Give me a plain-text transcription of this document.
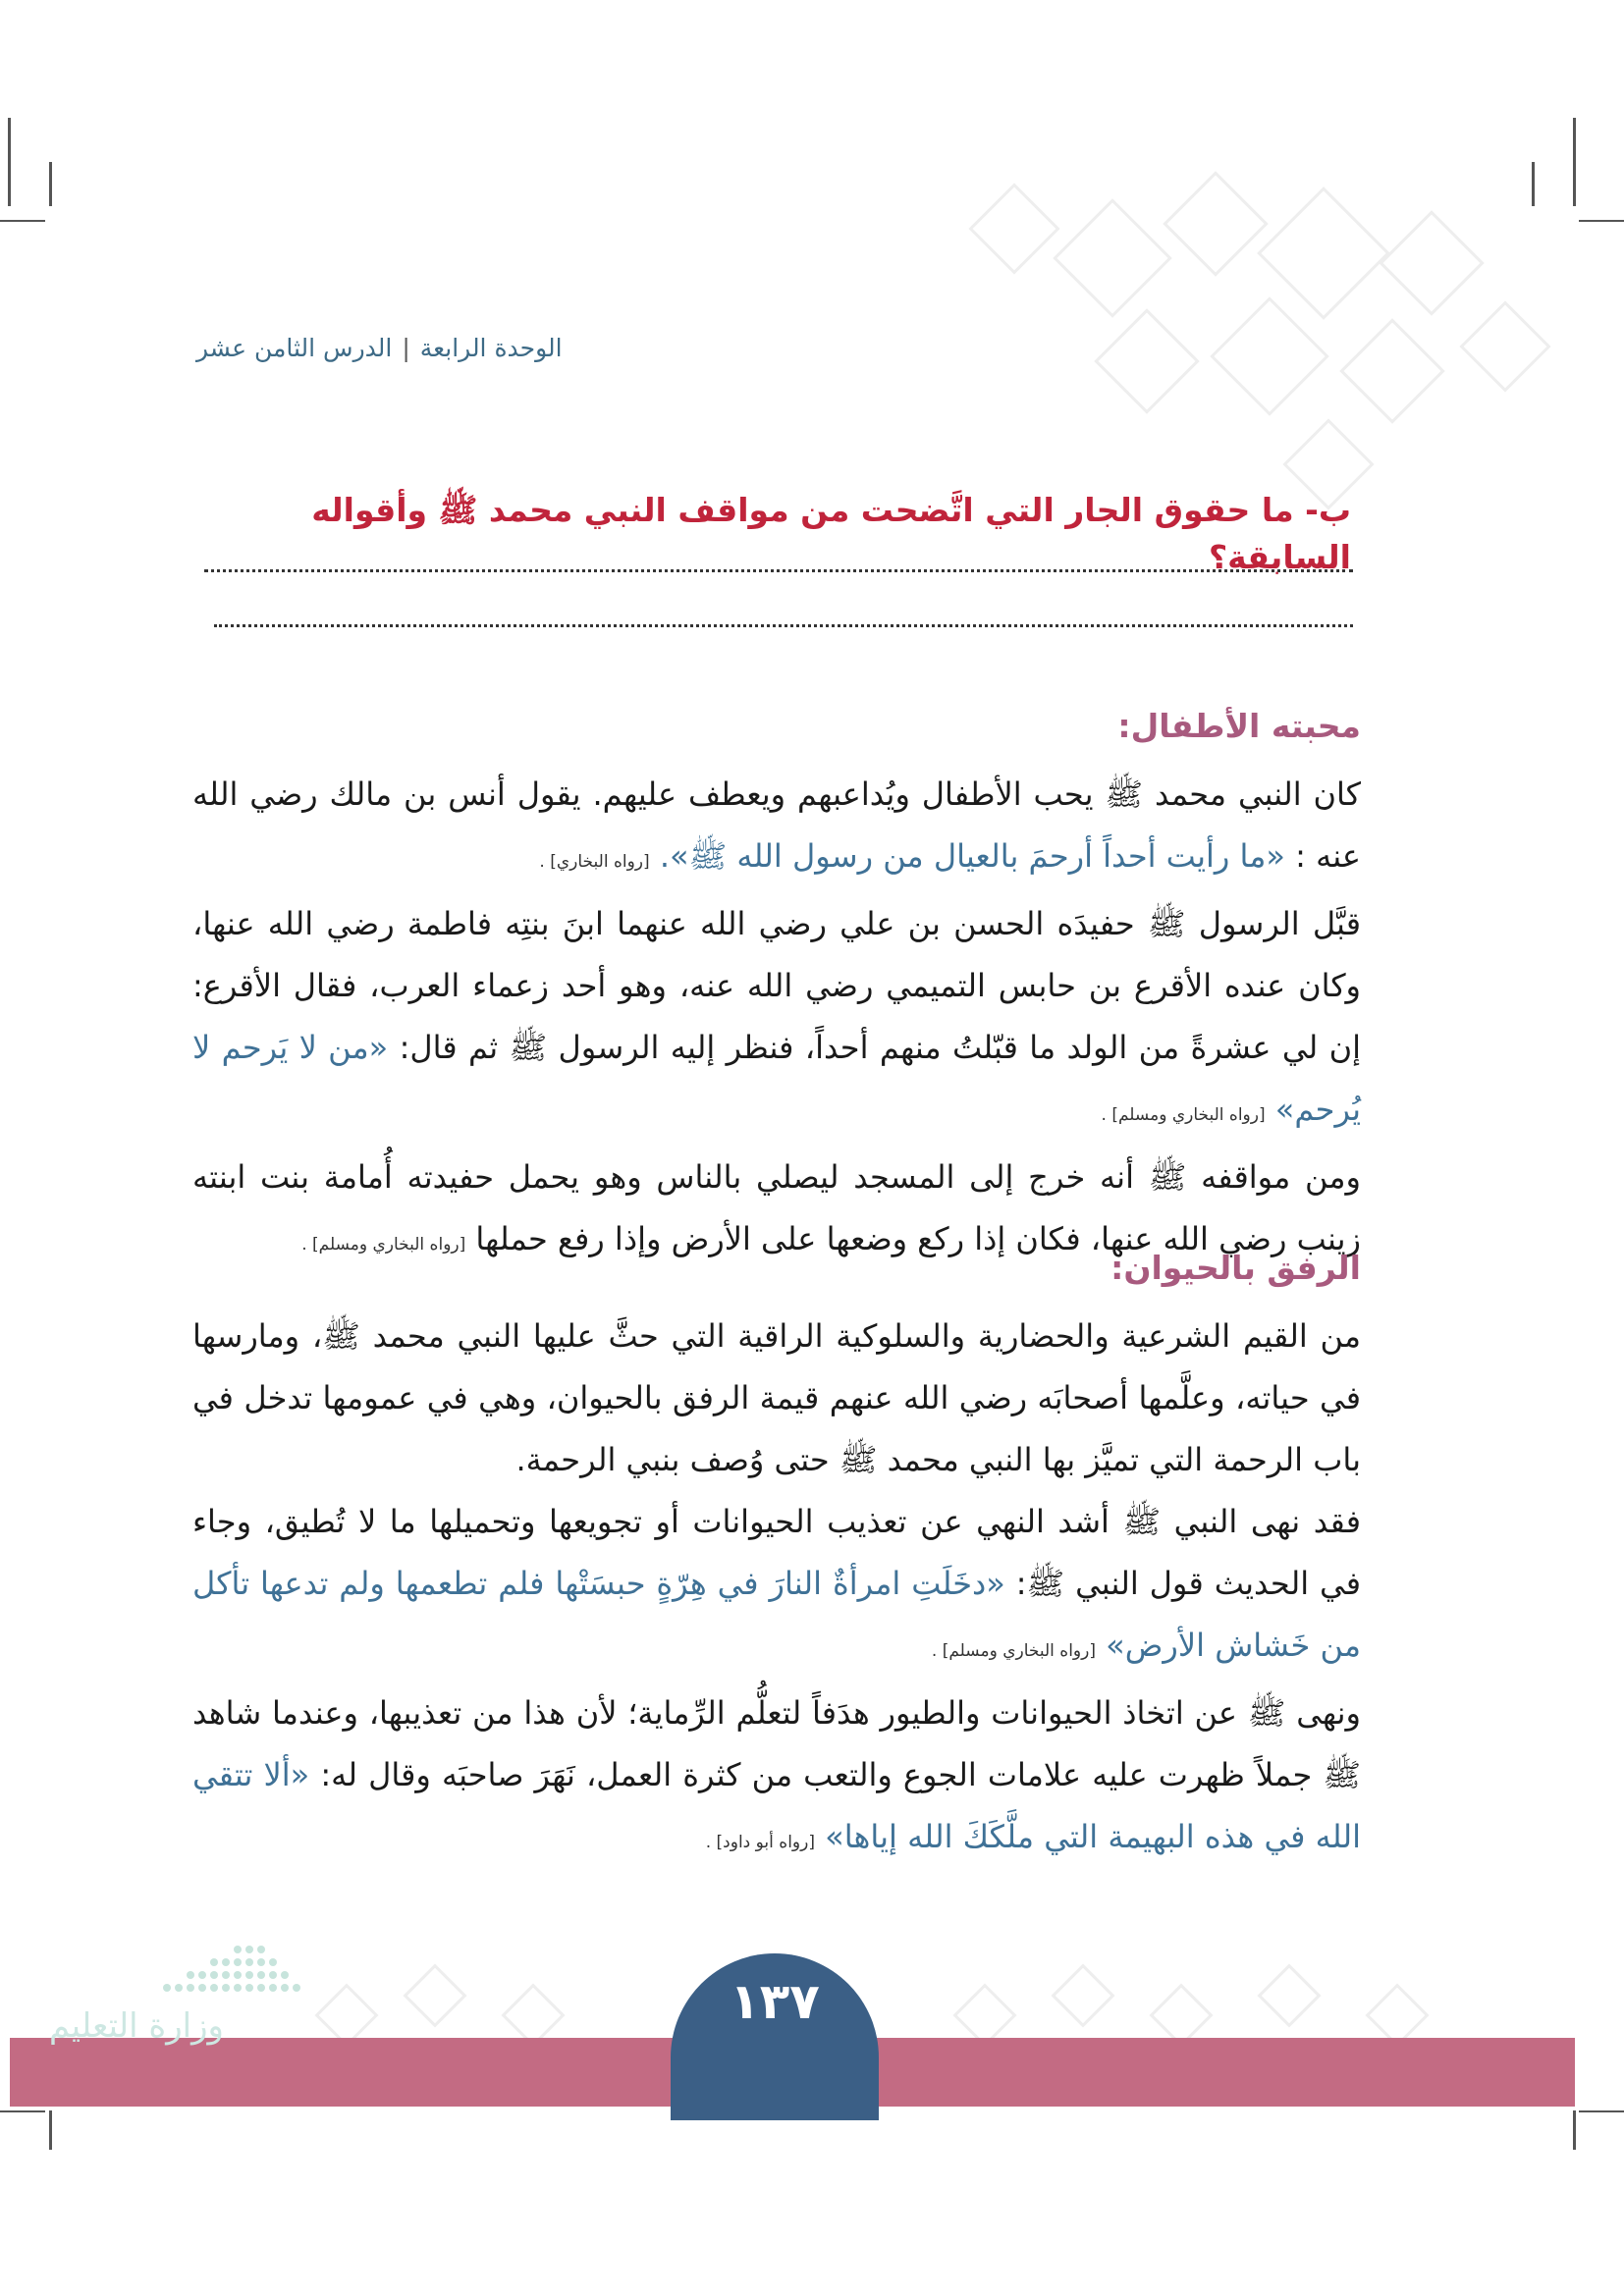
الوحدة الرابعة|الدرس الثامن عشر
ب- ما حقوق الجار التي اتَّضحت من مواقف النبي محمد ﷺ وأقواله السابقة؟
محبته الأطفال:

كان النبي محمد ﷺ يحب الأطفال ويُداعبهم ويعطف عليهم. يقول أنس بن مالك رضي الله عنه : «ما رأيت أحداً أرحمَ بالعيال من رسول الله ﷺ». [رواه البخاري] .

قبَّل الرسول ﷺ حفيدَه الحسن بن علي رضي الله عنهما ابنَ بنتِه فاطمة رضي الله عنها، وكان عنده الأقرع بن حابس التميمي رضي الله عنه، وهو أحد زعماء العرب، فقال الأقرع: إن لي عشرةً من الولد ما قبّلتُ منهم أحداً، فنظر إليه الرسول ﷺ ثم قال: «من لا يَرحم لا يُرحم» [رواه البخاري ومسلم] .

ومن مواقفه ﷺ أنه خرج إلى المسجد ليصلي بالناس وهو يحمل حفيدته أُمامة بنت ابنته زينب رضي الله عنها، فكان إذا ركع وضعها على الأرض وإذا رفع حملها [رواه البخاري ومسلم] .

الرفق بالحيوان:

من القيم الشرعية والحضارية والسلوكية الراقية التي حثَّ عليها النبي محمد ﷺ، ومارسها في حياته، وعلَّمها أصحابَه رضي الله عنهم قيمة الرفق بالحيوان، وهي في عمومها تدخل في باب الرحمة التي تميَّز بها النبي محمد ﷺ حتى وُصف بنبي الرحمة.

فقد نهى النبي ﷺ أشد النهي عن تعذيب الحيوانات أو تجويعها وتحميلها ما لا تُطيق، وجاء في الحديث قول النبي ﷺ: «دخَلَتِ امرأةٌ النارَ في هِرّةٍ حبسَتْها فلم تطعمها ولم تدعها تأكل من خَشاش الأرض» [رواه البخاري ومسلم] .

ونهى ﷺ عن اتخاذ الحيوانات والطيور هدَفاً لتعلُّم الرِّماية؛ لأن هذا من تعذيبها، وعندما شاهد ﷺ جملاً ظهرت عليه علامات الجوع والتعب من كثرة العمل، نَهَرَ صاحبَه وقال له: «ألا تتقي الله في هذه البهيمة التي ملَّكَكَ الله إياها» [رواه أبو داود] .

١٣٧
وزارة التعليم
